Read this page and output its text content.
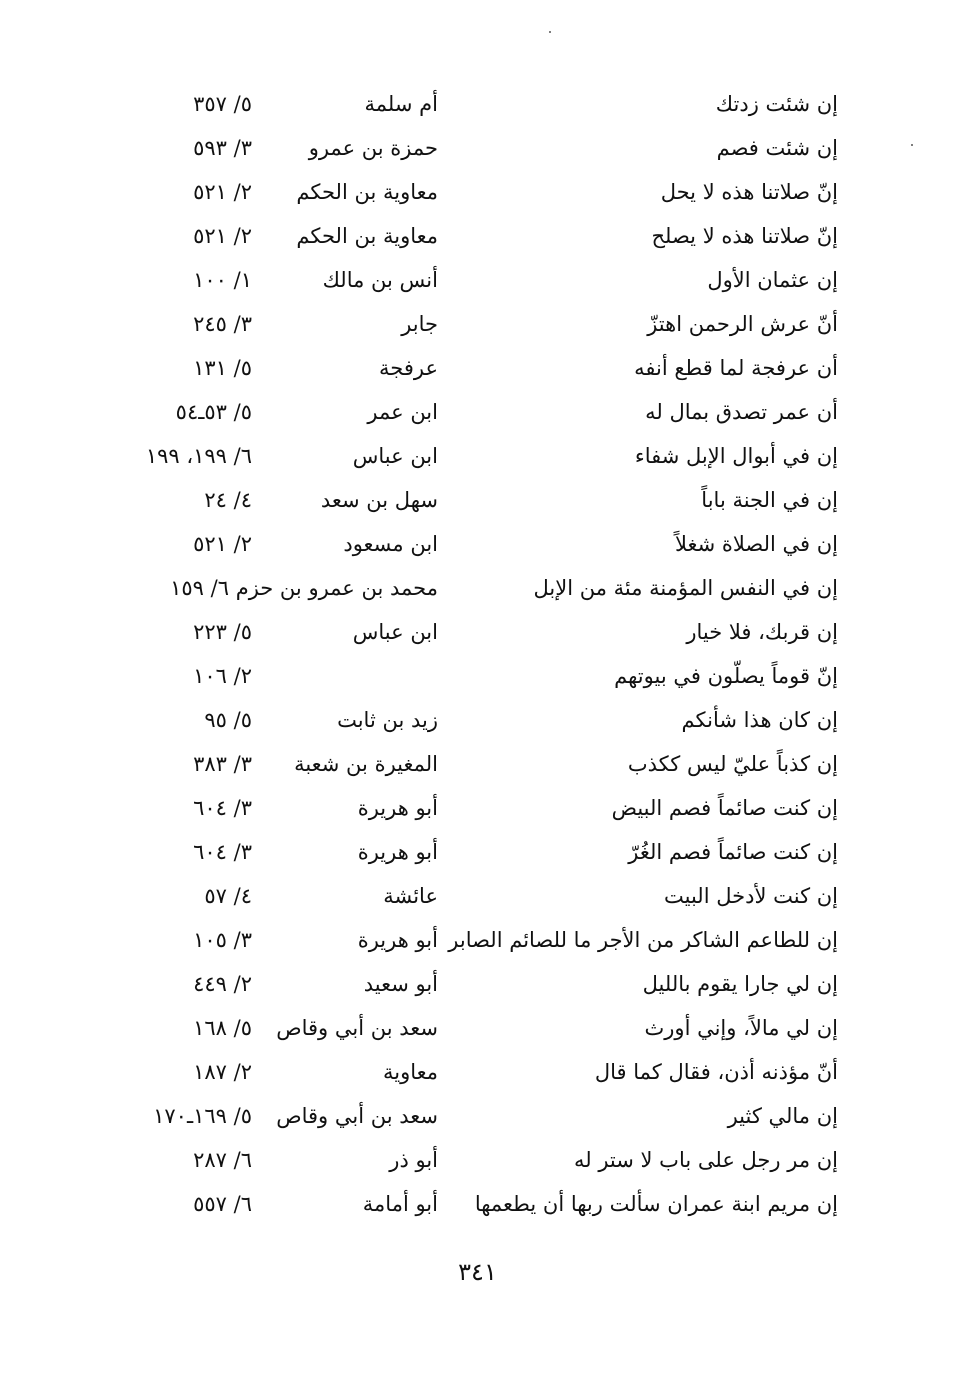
إن شئت زدتك
أم سلمة
٥/ ٣٥٧
إن شئت فصم
حمزة بن عمرو
٣/ ٥٩٣
إنّ صلاتنا هذه لا يحل
معاوية بن الحكم
٢/ ٥٢١
إنّ صلاتنا هذه لا يصلح
معاوية بن الحكم
٢/ ٥٢١
إن عثمان الأول
أنس بن مالك
١/ ١٠٠
أنّ عرش الرحمن اهتزّ
جابر
٣/ ٢٤٥
أن عرفجة لما قطع أنفه
عرفجة
٥/ ١٣١
أن عمر تصدق بمال له
ابن عمر
٥/ ٥٣ـ٥٤
إن في أبوال الإبل شفاء
ابن عباس
٦/ ١٩٩، ١٩٩
إن في الجنة باباً
سهل بن سعد
٤/ ٢٤
إن في الصلاة شغلاً
ابن مسعود
٢/ ٥٢١
إن في النفس المؤمنة مئة من الإبل
محمد بن عمرو بن حزم ٦/ ١٥٩
إن قربك، فلا خيار
ابن عباس
٥/ ٢٢٣
إنّ قوماً يصلّون في بيوتهم
٢/ ١٠٦
إن كان هذا شأنكم
زيد بن ثابت
٥/ ٩٥
إن كذباً عليّ ليس ككذب
المغيرة بن شعبة
٣/ ٣٨٣
إن كنت صائماً فصم البيض
أبو هريرة
٣/ ٦٠٤
إن كنت صائماً فصم الغُرّ
أبو هريرة
٣/ ٦٠٤
إن كنت لأدخل البيت
عائشة
٤/ ٥٧
إن للطاعم الشاكر من الأجر ما للصائم الصابر
أبو هريرة
٣/ ١٠٥
إن لي جارا يقوم بالليل
أبو سعيد
٢/ ٤٤٩
إن لي مالاً، وإني أورث
سعد بن أبي وقاص
٥/ ١٦٨
أنّ مؤذنه أذن، فقال كما قال
معاوية
٢/ ١٨٧
إن مالي كثير
سعد بن أبي وقاص
٥/ ١٦٩ـ١٧٠
إن مر رجل على باب لا ستر له
أبو ذر
٦/ ٢٨٧
إن مريم ابنة عمران سألت ربها أن يطعمها
أبو أمامة
٦/ ٥٥٧
٣٤١
